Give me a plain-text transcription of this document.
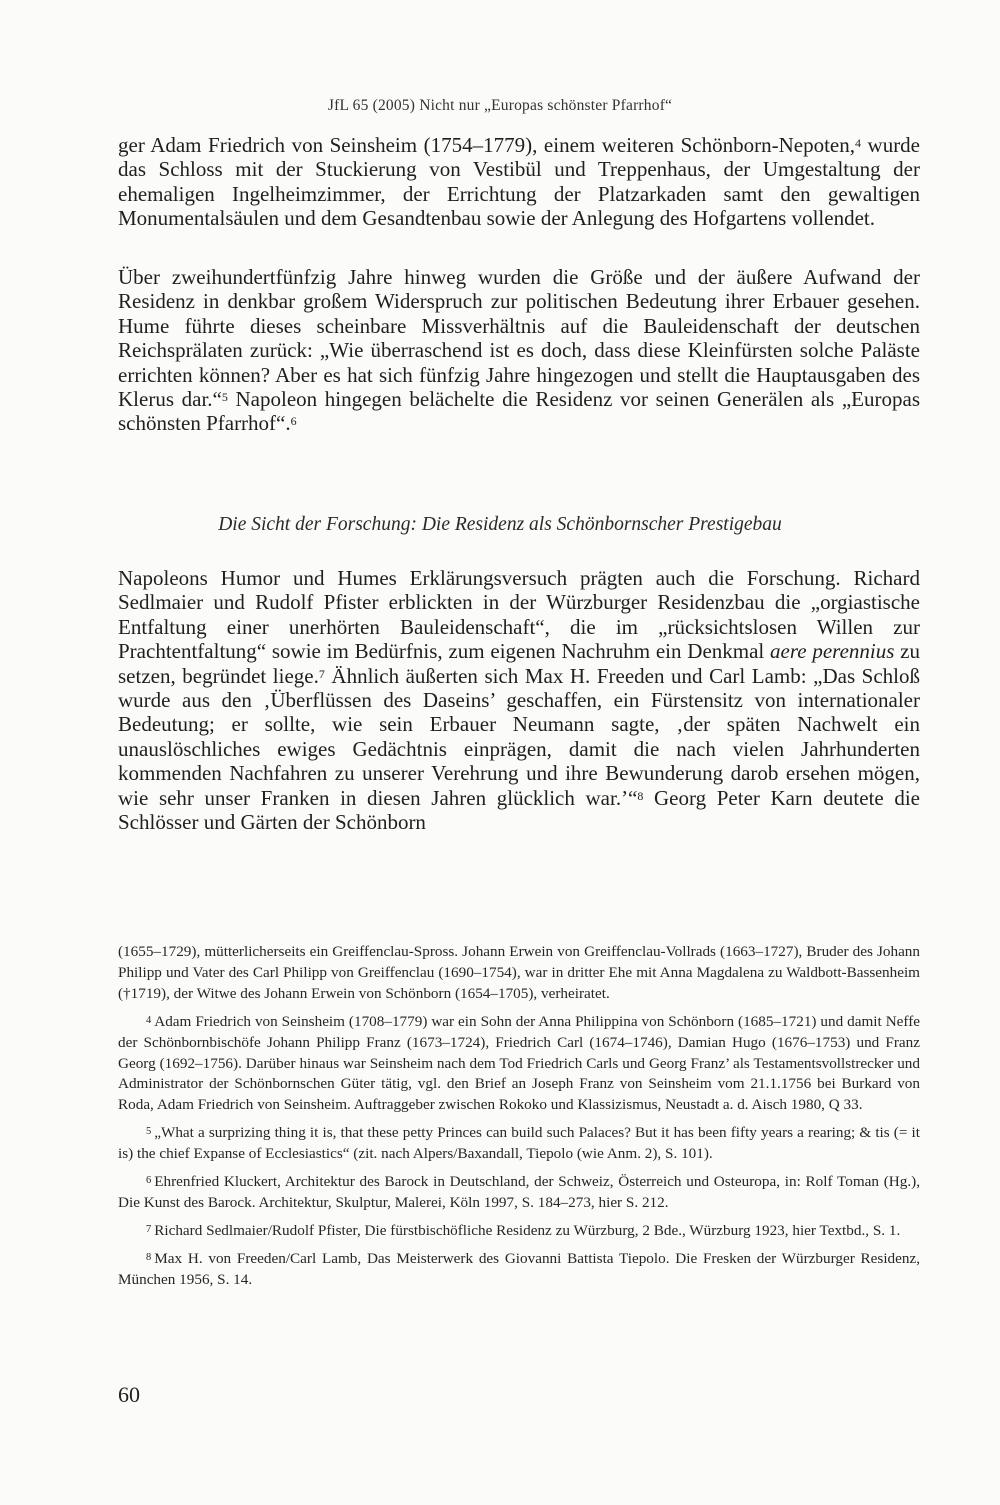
JfL 65 (2005) Nicht nur „Europas schönster Pfarrhof“

ger Adam Friedrich von Seinsheim (1754–1779), einem weiteren Schönborn-Nepoten,$^4$ wurde das Schloss mit der Stuckierung von Vestibül und Treppenhaus, der Umgestaltung der ehemaligen Ingelheimzimmer, der Errichtung der Platzarkaden samt den gewaltigen Monumentalsäulen und dem Gesandtenbau sowie der Anlegung des Hofgartens vollendet.

Über zweihundertfünfzig Jahre hinweg wurden die Größe und der äußere Aufwand der Residenz in denkbar großem Widerspruch zur politischen Bedeutung ihrer Erbauer gesehen. Hume führte dieses scheinbare Missverhältnis auf die Bauleidenschaft der deutschen Reichsprälaten zurück: „Wie überraschend ist es doch, dass diese Kleinfürsten solche Paläste errichten können? Aber es hat sich fünfzig Jahre hingezogen und stellt die Hauptausgaben des Klerus dar.“$^5$ Napoleon hingegen belächelte die Residenz vor seinen Generälen als „Europas schönsten Pfarrhof“.$^6$

Die Sicht der Forschung: Die Residenz als Schönbornscher Prestigebau

Napoleons Humor und Humes Erklärungsversuch prägten auch die Forschung. Richard Sedlmaier und Rudolf Pfister erblickten in der Würzburger Residenzbau die „orgiastische Entfaltung einer unerhörten Bauleidenschaft“, die im „rücksichtslosen Willen zur Prachtentfaltung“ sowie im Bedürfnis, zum eigenen Nachruhm ein Denkmal aere perennius zu setzen, begründet liege.$^7$ Ähnlich äußerten sich Max H. Freeden und Carl Lamb: „Das Schloß wurde aus den ‚Überflüssen des Daseins’ geschaffen, ein Fürstensitz von internationaler Bedeutung; er sollte, wie sein Erbauer Neumann sagte, ‚der späten Nachwelt ein unauslöschliches ewiges Gedächtnis einprägen, damit die nach vielen Jahrhunderten kommenden Nachfahren zu unserer Verehrung und ihre Bewunderung darob ersehen mögen, wie sehr unser Franken in diesen Jahren glücklich war.’“$^8$ Georg Peter Karn deutete die Schlösser und Gärten der Schönborn

(1655–1729), mütterlicherseits ein Greiffenclau-Spross. Johann Erwein von Greiffenclau-Vollrads (1663–1727), Bruder des Johann Philipp und Vater des Carl Philipp von Greiffenclau (1690–1754), war in dritter Ehe mit Anna Magdalena zu Waldbott-Bassenheim (†1719), der Witwe des Johann Erwein von Schönborn (1654–1705), verheiratet.

$^4$ Adam Friedrich von Seinsheim (1708–1779) war ein Sohn der Anna Philippina von Schönborn (1685–1721) und damit Neffe der Schönbornbischöfe Johann Philipp Franz (1673–1724), Friedrich Carl (1674–1746), Damian Hugo (1676–1753) und Franz Georg (1692–1756). Darüber hinaus war Seinsheim nach dem Tod Friedrich Carls und Georg Franz’ als Testamentsvollstrecker und Administrator der Schönbornschen Güter tätig, vgl. den Brief an Joseph Franz von Seinsheim vom 21.1.1756 bei Burkard von Roda, Adam Friedrich von Seinsheim. Auftraggeber zwischen Rokoko und Klassizismus, Neustadt a. d. Aisch 1980, Q 33.

$^5$ „What a surprizing thing it is, that these petty Princes can build such Palaces? But it has been fifty years a rearing; & tis (= it is) the chief Expanse of Ecclesiastics“ (zit. nach Alpers/Baxandall, Tiepolo (wie Anm. 2), S. 101).

$^6$ Ehrenfried Kluckert, Architektur des Barock in Deutschland, der Schweiz, Österreich und Osteuropa, in: Rolf Toman (Hg.), Die Kunst des Barock. Architektur, Skulptur, Malerei, Köln 1997, S. 184–273, hier S. 212.

$^7$ Richard Sedlmaier/Rudolf Pfister, Die fürstbischöfliche Residenz zu Würzburg, 2 Bde., Würzburg 1923, hier Textbd., S. 1.

$^8$ Max H. von Freeden/Carl Lamb, Das Meisterwerk des Giovanni Battista Tiepolo. Die Fresken der Würzburger Residenz, München 1956, S. 14.

60
